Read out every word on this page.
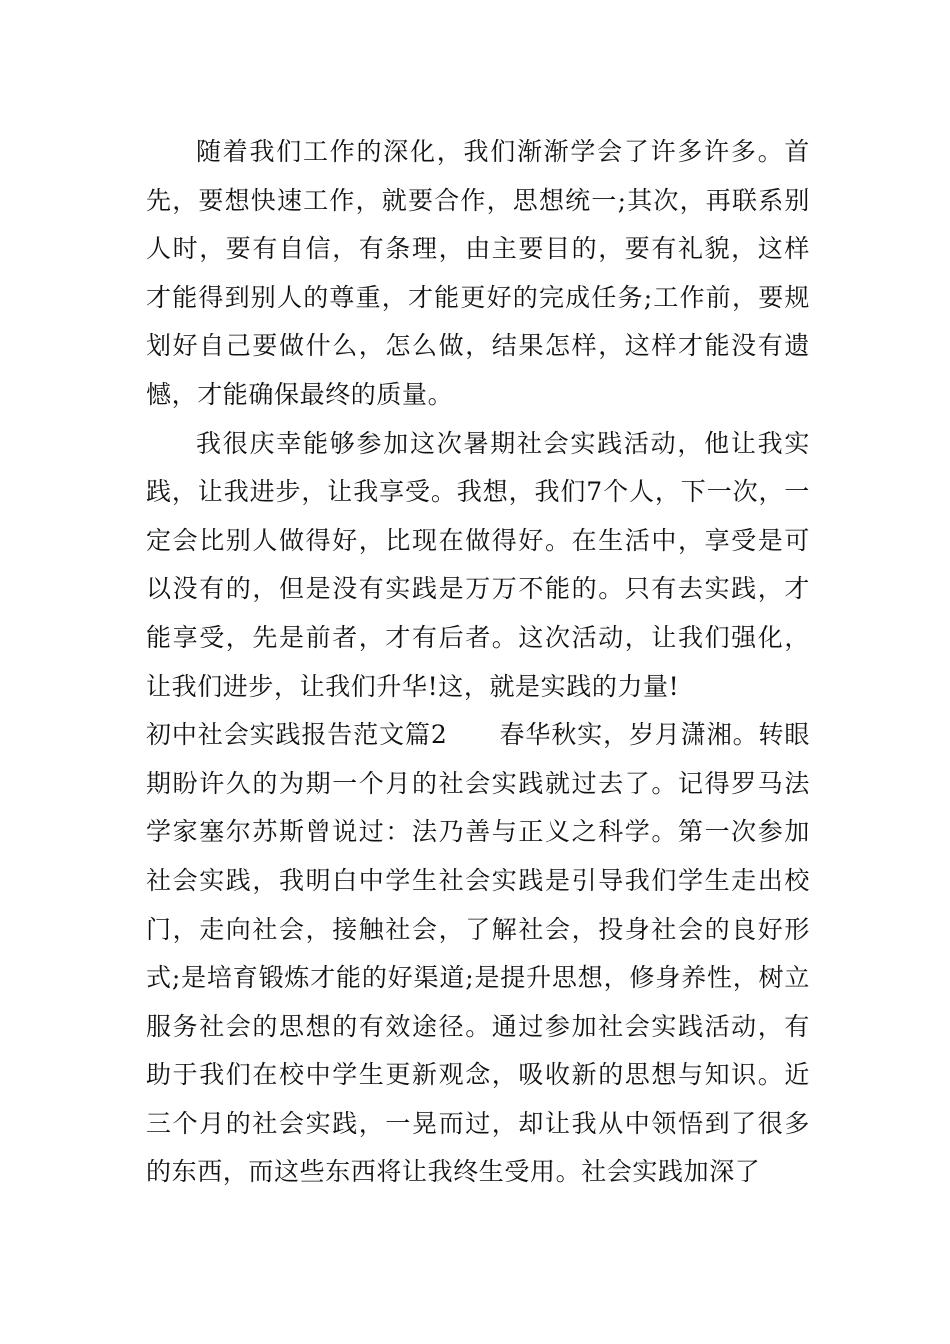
随着我们工作的深化，我们渐渐学会了许多许多。首先，要想快速工作，就要合作，思想统一;其次，再联系别人时，要有自信，有条理，由主要目的，要有礼貌，这样才能得到别人的尊重，才能更好的完成任务;工作前，要规划好自己要做什么，怎么做，结果怎样，这样才能没有遗憾，才能确保最终的质量。

我很庆幸能够参加这次暑期社会实践活动，他让我实践，让我进步，让我享受。我想，我们7个人，下一次，一定会比别人做得好，比现在做得好。在生活中，享受是可以没有的，但是没有实践是万万不能的。只有去实践，才能享受，先是前者，才有后者。这次活动，让我们强化，让我们进步，让我们升华!这，就是实践的力量!

初中社会实践报告范文篇2　　 春华秋实，岁月潇湘。转眼期盼许久的为期一个月的社会实践就过去了。记得罗马法学家塞尔苏斯曾说过：法乃善与正义之科学。第一次参加社会实践，我明白中学生社会实践是引导我们学生走出校门，走向社会，接触社会，了解社会，投身社会的良好形式;是培育锻炼才能的好渠道;是提升思想，修身养性，树立服务社会的思想的有效途径。通过参加社会实践活动，有助于我们在校中学生更新观念，吸收新的思想与知识。近三个月的社会实践，一晃而过，却让我从中领悟到了很多的东西，而这些东西将让我终生受用。社会实践加深了
